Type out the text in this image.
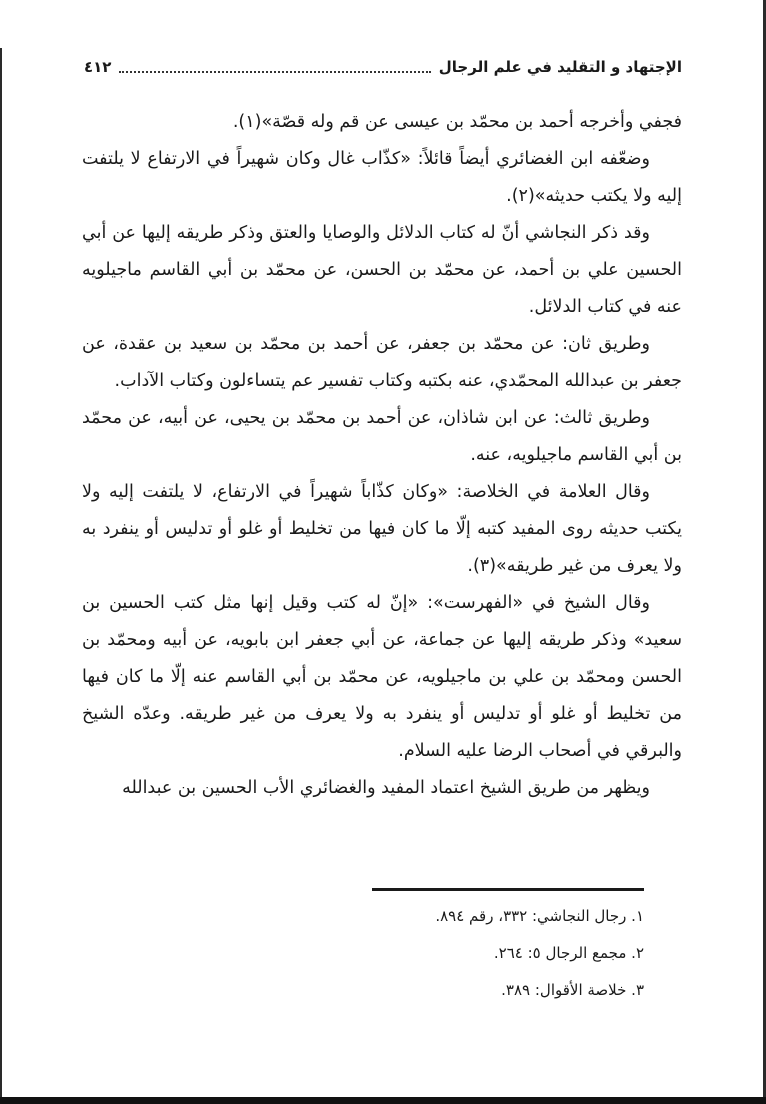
الإجتهاد و التقليد في علم الرجال
٤١٢

فجفي وأخرجه أحمد بن محمّد بن عيسى عن قم وله قصّة»(١).

وضعّفه ابن الغضائري أيضاً قائلاً: «كذّاب غال وكان شهيراً في الارتفاع لا يلتفت إليه ولا يكتب حديثه»(٢).

وقد ذكر النجاشي أنّ له كتاب الدلائل والوصايا والعتق وذكر طريقه إليها عن أبي الحسين علي بن أحمد، عن محمّد بن الحسن، عن محمّد بن أبي القاسم ماجيلويه عنه في كتاب الدلائل.

وطريق ثان: عن محمّد بن جعفر، عن أحمد بن محمّد بن سعيد بن عقدة، عن جعفر بن عبدالله المحمّدي، عنه بكتبه وكتاب تفسير عم يتساءلون وكتاب الآداب.

وطريق ثالث: عن ابن شاذان، عن أحمد بن محمّد بن يحيى، عن أبيه، عن محمّد بن أبي القاسم ماجيلويه، عنه.

وقال العلامة في الخلاصة: «وكان كذّاباً شهيراً في الارتفاع، لا يلتفت إليه ولا يكتب حديثه روى المفيد كتبه إلّا ما كان فيها من تخليط أو غلو أو تدليس أو ينفرد به ولا يعرف من غير طريقه»(٣).

وقال الشيخ في «الفهرست»: «إنّ له كتب وقيل إنها مثل كتب الحسين بن سعيد» وذكر طريقه إليها عن جماعة، عن أبي جعفر ابن بابويه، عن أبيه ومحمّد بن الحسن ومحمّد بن علي بن ماجيلويه، عن محمّد بن أبي القاسم عنه إلّا ما كان فيها من تخليط أو غلو أو تدليس أو ينفرد به ولا يعرف من غير طريقه. وعدّه الشيخ والبرقي في أصحاب الرضا عليه السلام.

ويظهر من طريق الشيخ اعتماد المفيد والغضائري الأب الحسين بن عبدالله

١. رجال النجاشي: ٣٣٢، رقم ٨٩٤.

٢. مجمع الرجال ٥: ٢٦٤.

٣. خلاصة الأقوال: ٣٨٩.
